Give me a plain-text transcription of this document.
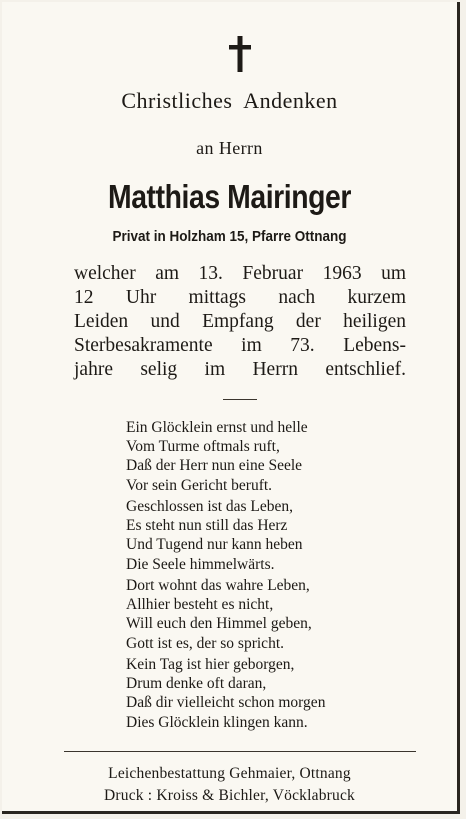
Christliches Andenken
an Herrn
Matthias Mairinger
Privat in Holzham 15, Pfarre Ottnang
welcher am 13. Februar 1963 um
12 Uhr mittags nach kurzem
Leiden und Empfang der heiligen
Sterbesakramente im 73. Lebens-
jahre selig im Herrn entschlief.
Ein Glöcklein ernst und helle
Vom Turme oftmals ruft,
Daß der Herr nun eine Seele
Vor sein Gericht beruft.
Geschlossen ist das Leben,
Es steht nun still das Herz
Und Tugend nur kann heben
Die Seele himmelwärts.
Dort wohnt das wahre Leben,
Allhier besteht es nicht,
Will euch den Himmel geben,
Gott ist es, der so spricht.
Kein Tag ist hier geborgen,
Drum denke oft daran,
Daß dir vielleicht schon morgen
Dies Glöcklein klingen kann.
Leichenbestattung Gehmaier, Ottnang
Druck : Kroiss & Bichler, Vöcklabruck
